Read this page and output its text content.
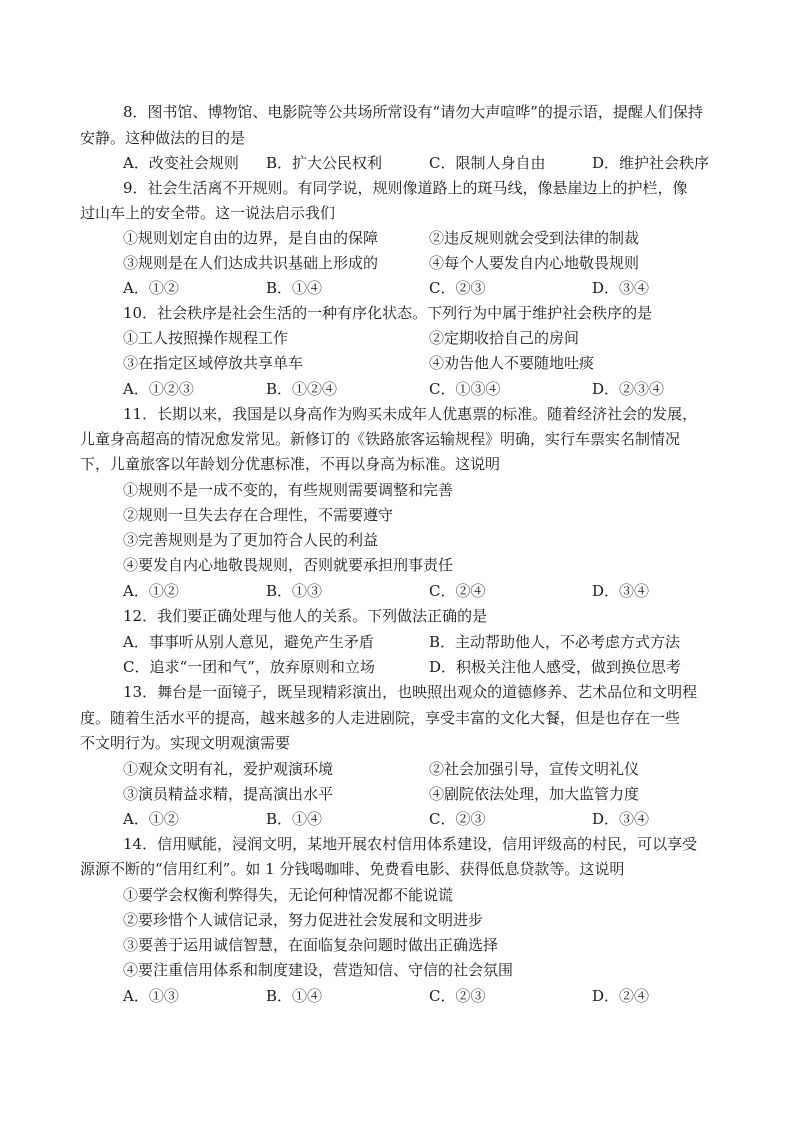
8．图书馆、博物馆、电影院等公共场所常设有“请勿大声喧哗”的提示语，提醒人们保持
安静。这种做法的目的是
A．改变社会规则 B．扩大公民权利	C．限制人身自由	D．维护社会秩序
9．社会生活离不开规则。有同学说，规则像道路上的斑马线，像悬崖边上的护栏，像
过山车上的安全带。这一说法启示我们
①规则划定自由的边界，是自由的保障	②违反规则就会受到法律的制裁
③规则是在人们达成共识基础上形成的	④每个人要发自内心地敬畏规则
A．①②	B．①④	C．②③	D．③④
10．社会秩序是社会生活的一种有序化状态。下列行为中属于维护社会秩序的是
①工人按照操作规程工作	②定期收拾自己的房间
③在指定区域停放共享单车	④劝告他人不要随地吐痰
A．①②③	B．①②④	C．①③④	D．②③④
11．长期以来，我国是以身高作为购买未成年人优惠票的标准。随着经济社会的发展，
儿童身高超高的情况愈发常见。新修订的《铁路旅客运输规程》明确，实行车票实名制情况
下，儿童旅客以年龄划分优惠标准，不再以身高为标准。这说明
①规则不是一成不变的，有些规则需要调整和完善
②规则一旦失去存在合理性，不需要遵守
③完善规则是为了更加符合人民的利益
④要发自内心地敬畏规则，否则就要承担刑事责任
A．①②	B．①③	C．②④	D．③④
12．我们要正确处理与他人的关系。下列做法正确的是
A．事事听从别人意见，避免产生矛盾	B．主动帮助他人，不必考虑方式方法
C．追求“一团和气”，放弃原则和立场	D．积极关注他人感受，做到换位思考
13．舞台是一面镜子，既呈现精彩演出，也映照出观众的道德修养、艺术品位和文明程
度。随着生活水平的提高，越来越多的人走进剧院，享受丰富的文化大餐，但是也存在一些
不文明行为。实现文明观演需要
①观众文明有礼，爱护观演环境	②社会加强引导，宣传文明礼仪
③演员精益求精，提高演出水平	④剧院依法处理，加大监管力度
A．①②	B．①④	C．②③	D．③④
14．信用赋能，浸润文明，某地开展农村信用体系建设，信用评级高的村民，可以享受
源源不断的“信用红利”。如 1 分钱喝咖啡、免费看电影、获得低息贷款等。这说明
①要学会权衡利弊得失，无论何种情况都不能说谎
②要珍惜个人诚信记录，努力促进社会发展和文明进步
③要善于运用诚信智慧，在面临复杂问题时做出正确选择
④要注重信用体系和制度建设，营造知信、守信的社会氛围
A．①③	B．①④	C．②③	D．②④
